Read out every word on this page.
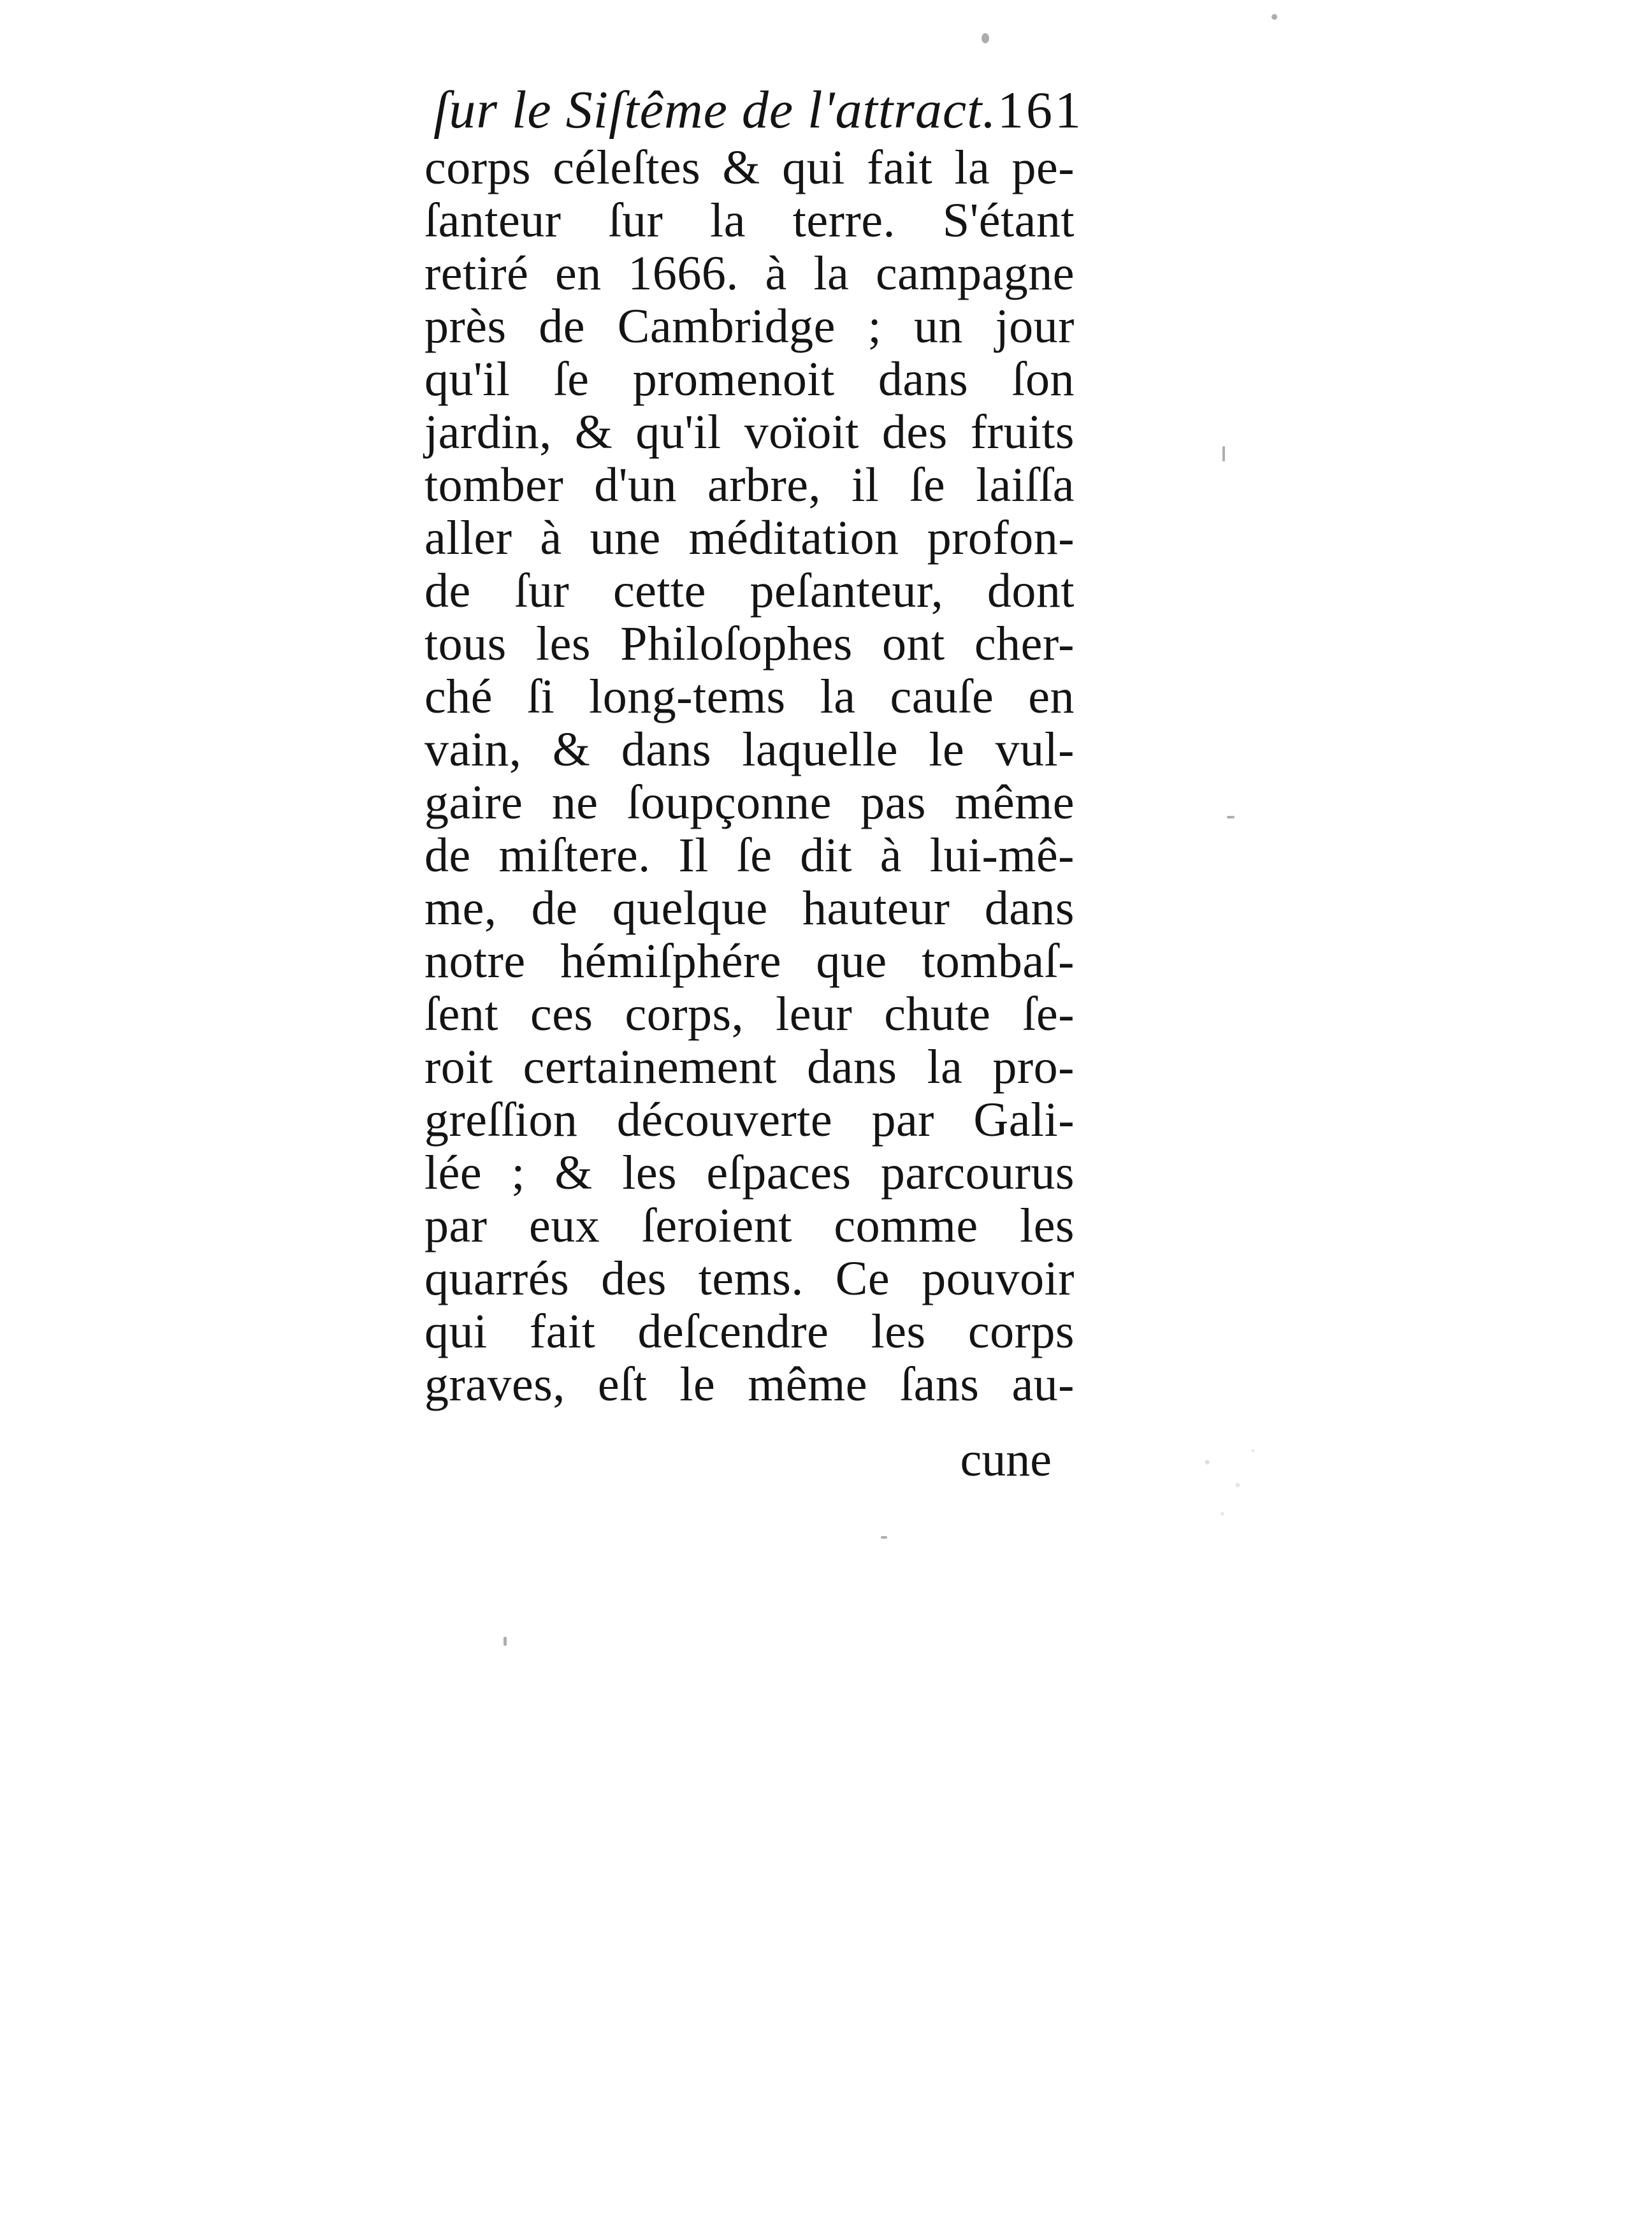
ſur le Siſtême de l'attract. 161
corps céleſtes & qui fait la pe-
ſanteur ſur la terre. S'étant
retiré en 1666. à la campagne
près de Cambridge ; un jour
qu'il ſe promenoit dans ſon
jardin, & qu'il voïoit des fruits
tomber d'un arbre, il ſe laiſſa
aller à une méditation profon-
de ſur cette peſanteur, dont
tous les Philoſophes ont cher-
ché ſi long-tems la cauſe en
vain, & dans laquelle le vul-
gaire ne ſoupçonne pas même
de miſtere. Il ſe dit à lui-mê-
me, de quelque hauteur dans
notre hémiſphére que tombaſ-
ſent ces corps, leur chute ſe-
roit certainement dans la pro-
greſſion découverte par Gali-
lée ; & les eſpaces parcourus
par eux ſeroient comme les
quarrés des tems. Ce pouvoir
qui fait deſcendre les corps
graves, eſt le même ſans au-
cune
